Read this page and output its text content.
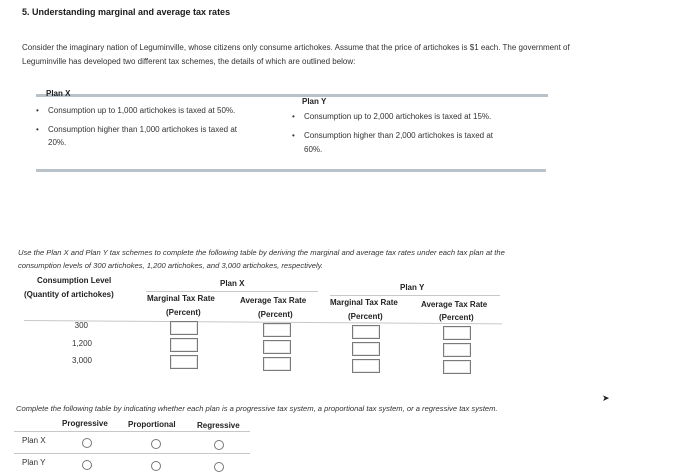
5. Understanding marginal and average tax rates
Consider the imaginary nation of Leguminville, whose citizens only consume artichokes. Assume that the price of artichokes is $1 each. The government of Leguminville has developed two different tax schemes, the details of which are outlined below:
Plan X
• Consumption up to 1,000 artichokes is taxed at 50%.
• Consumption higher than 1,000 artichokes is taxed at
20%.
Plan Y
• Consumption up to 2,000 artichokes is taxed at 15%.
• Consumption higher than 2,000 artichokes is taxed at
60%.
Use the Plan X and Plan Y tax schemes to complete the following table by deriving the marginal and average tax rates under each tax plan at the
consumption levels of 300 artichokes, 1,200 artichokes, and 3,000 artichokes, respectively.
Consumption Level
(Quantity of artichokes)
Plan X	Plan Y
Marginal Tax Rate	Average Tax Rate	Marginal Tax Rate	Average Tax Rate
(Percent)	(Percent)	(Percent)	(Percent)
300
1,200
3,000
Complete the following table by indicating whether each plan is a progressive tax system, a proportional tax system, or a regressive tax system.
➤
Progressive	Proportional	Regressive
Plan X
Plan Y
